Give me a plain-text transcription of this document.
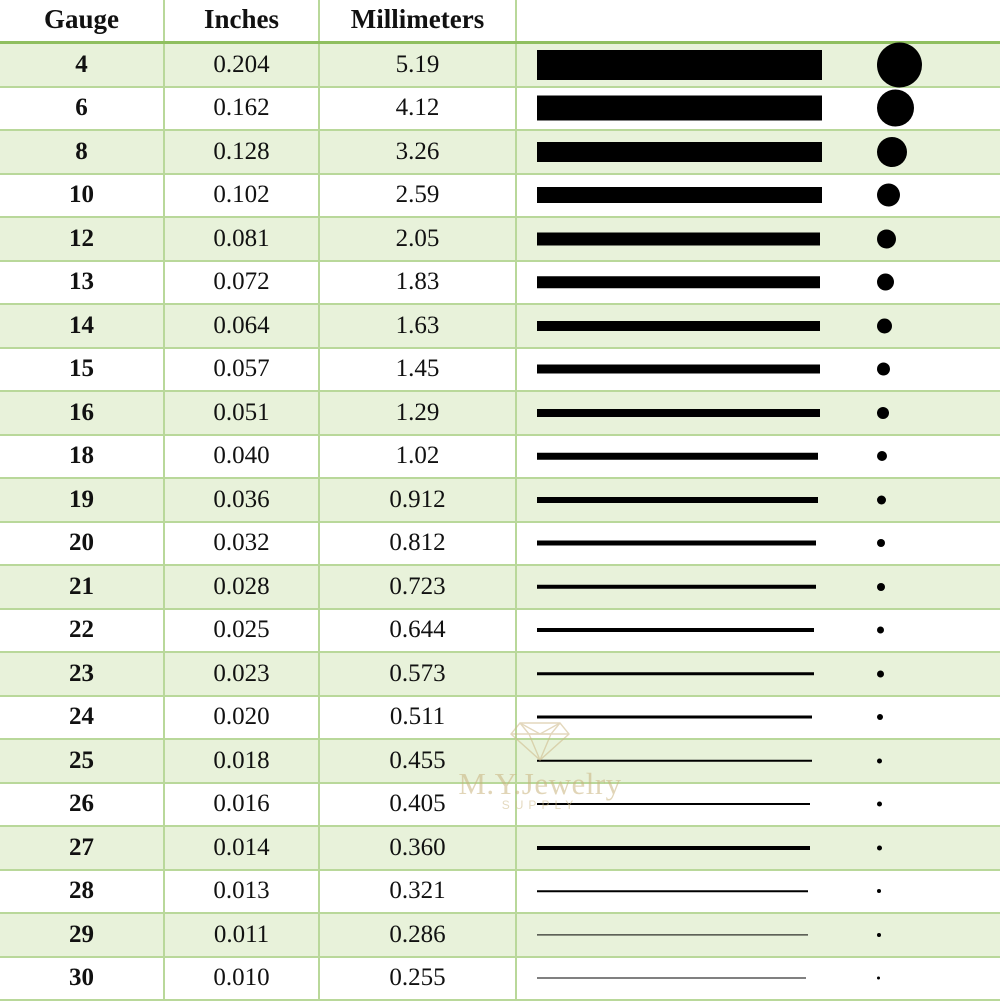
Gauge	Inches	Millimeters	
4	0.204	5.19	

6	0.162	4.12	

8	0.128	3.26	

10	0.102	2.59	

12	0.081	2.05	

13	0.072	1.83	

14	0.064	1.63	

15	0.057	1.45	

16	0.051	1.29	

18	0.040	1.02	

19	0.036	0.912	

20	0.032	0.812	

21	0.028	0.723	

22	0.025	0.644	

23	0.023	0.573	

24	0.020	0.511	

25	0.018	0.455	

26	0.016	0.405	

27	0.014	0.360	

28	0.013	0.321	

29	0.011	0.286	

30	0.010	0.255	
M.Y.Jewelry
SUPPLY
